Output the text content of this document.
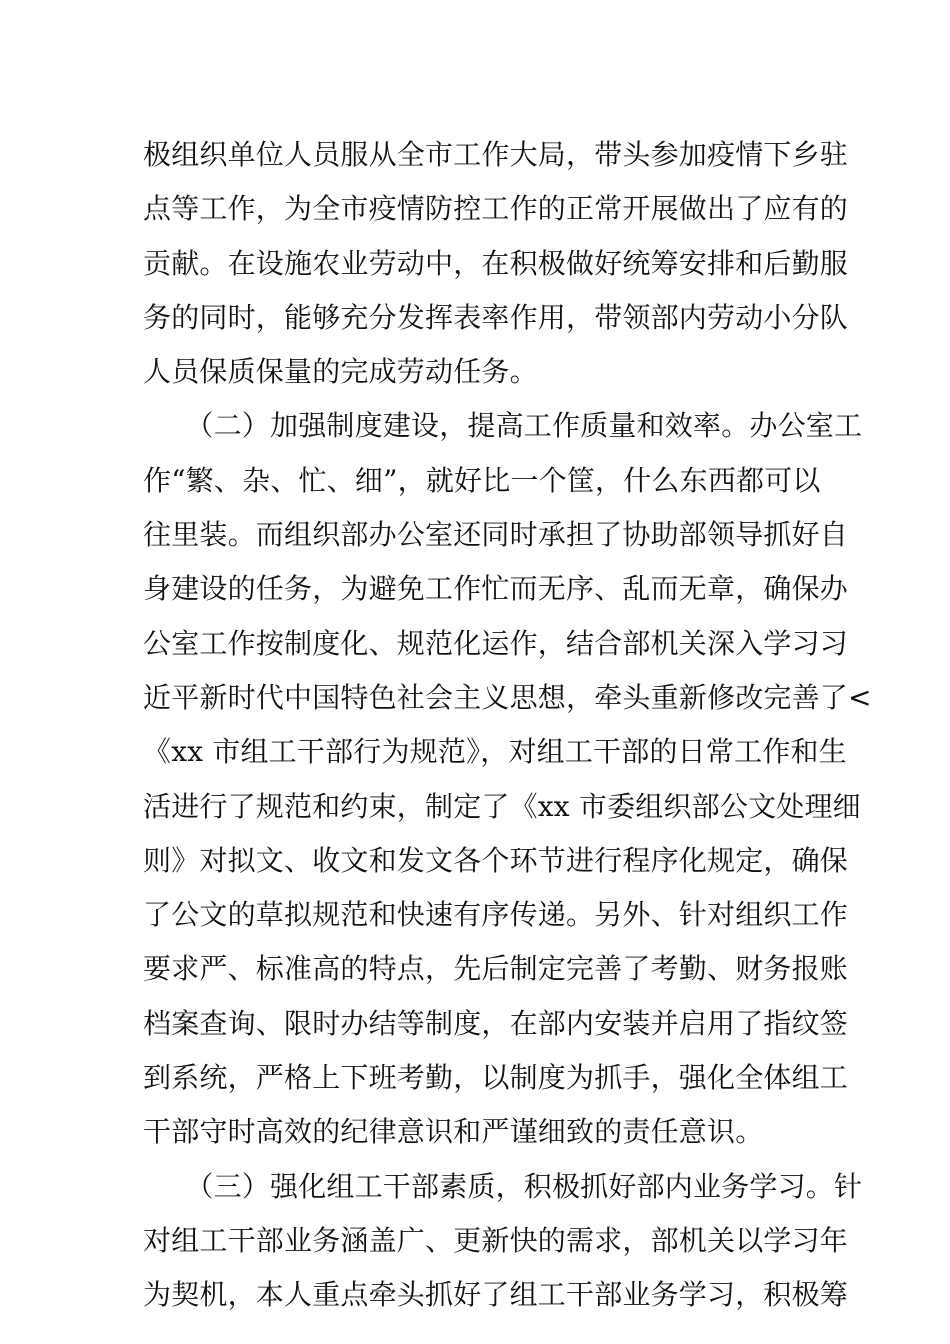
极组织单位人员服从全市工作大局，带头参加疫情下乡驻
点等工作，为全市疫情防控工作的正常开展做出了应有的
贡献。在设施农业劳动中，在积极做好统筹安排和后勤服
务的同时，能够充分发挥表率作用，带领部内劳动小分队
人员保质保量的完成劳动任务。

　　（二）加强制度建设，提高工作质量和效率。办公室工
作“繁、杂、忙、细”，就好比一个筐，什么东西都可以
往里装。而组织部办公室还同时承担了协助部领导抓好自
身建设的任务，为避免工作忙而无序、乱而无章，确保办
公室工作按制度化、规范化运作，结合部机关深入学习习
近平新时代中国特色社会主义思想，牵头重新修改完善了<
《xx 市组工干部行为规范》，对组工干部的日常工作和生
活进行了规范和约束，制定了《xx 市委组织部公文处理细
则》对拟文、收文和发文各个环节进行程序化规定，确保
了公文的草拟规范和快速有序传递。另外、针对组织工作
要求严、标准高的特点，先后制定完善了考勤、财务报账
档案查询、限时办结等制度，在部内安装并启用了指纹签
到系统，严格上下班考勤，以制度为抓手，强化全体组工
干部守时高效的纪律意识和严谨细致的责任意识。

　　（三）强化组工干部素质，积极抓好部内业务学习。针
对组工干部业务涵盖广、更新快的需求，部机关以学习年
为契机，本人重点牵头抓好了组工干部业务学习，积极筹
